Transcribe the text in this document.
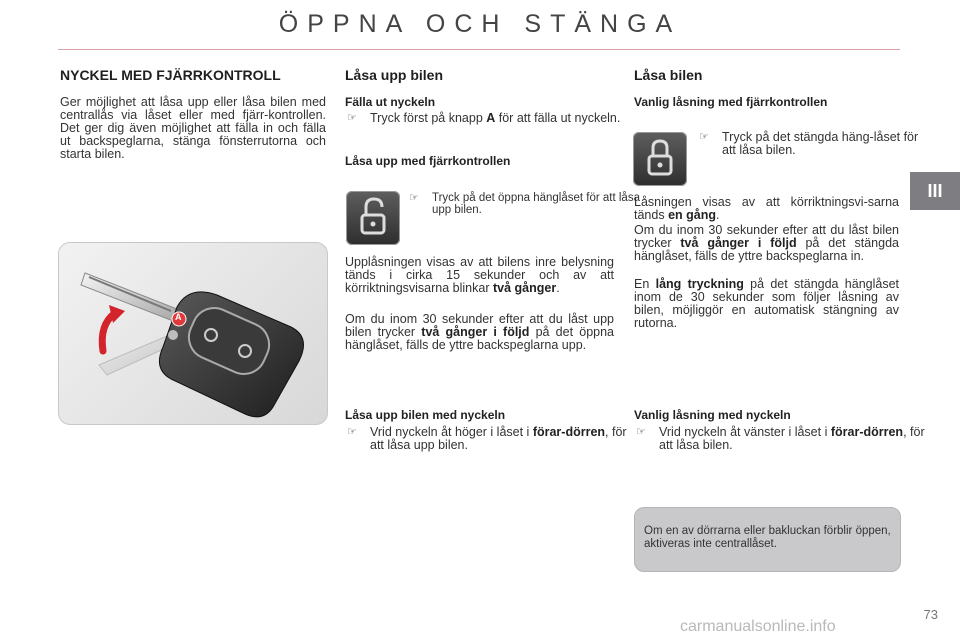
ÖPPNA OCH STÄNGA
III
NYCKEL MED FJÄRRKONTROLL

Ger möjlighet att låsa upp eller låsa bilen med centrallås via låset eller med fjärr-kontrollen. Det ger dig även möjlighet att fälla in och fälla ut backspeglarna, stänga fönsterrutorna och starta bilen.

A
Låsa upp bilen
Fälla ut nyckeln

☞ Tryck först på knapp A för att fälla ut nyckeln.

Låsa upp med fjärrkontrollen

☞ Tryck på det öppna hänglåset för att låsa upp bilen.

Upplåsningen visas av att bilens inre belysning tänds i cirka 15 sekunder och av att körriktningsvisarna blinkar två gånger.

Om du inom 30 sekunder efter att du låst upp bilen trycker två gånger i följd på det öppna hänglåset, fälls de yttre backspeglarna upp.

Låsa upp bilen med nyckeln

☞ Vrid nyckeln åt höger i låset i förar-dörren, för att låsa upp bilen.

Låsa bilen
Vanlig låsning med fjärrkontrollen

☞ Tryck på det stängda häng-låset för att låsa bilen.

Låsningen visas av att körriktningsvi-sarna tänds en gång.

Om du inom 30 sekunder efter att du låst bilen trycker två gånger i följd på det stängda hänglåset, fälls de yttre backspeglarna in.

En lång tryckning på det stängda hänglåset inom de 30 sekunder som följer låsning av bilen, möjliggör en automatisk stängning av rutorna.

Vanlig låsning med nyckeln

☞ Vrid nyckeln åt vänster i låset i förar-dörren, för att låsa bilen.

Om en av dörrarna eller bakluckan förblir öppen, aktiveras inte centrallåset.
73
carmanualsonline.info
